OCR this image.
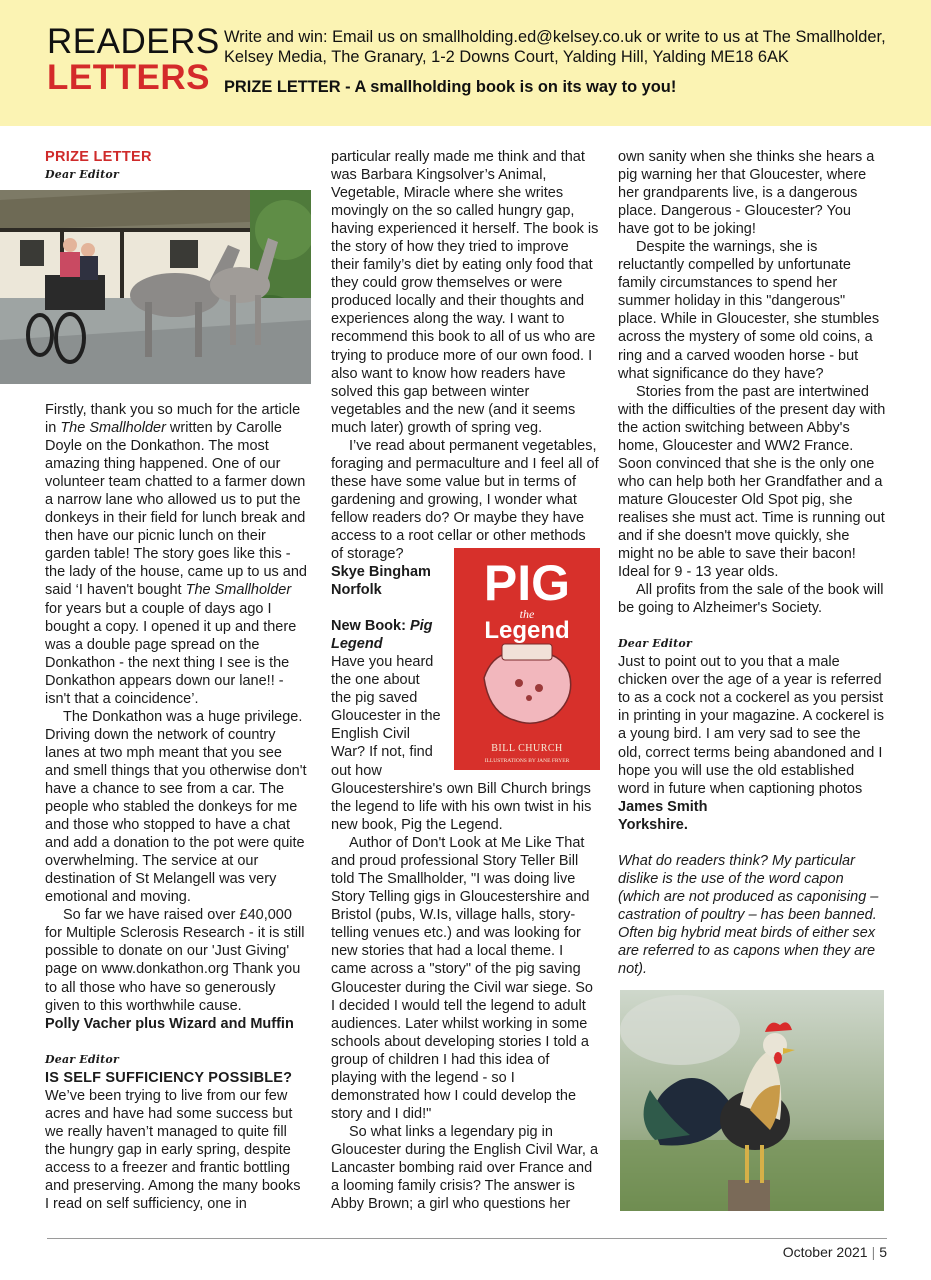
READERS
LETTERS
Write and win: Email us on smallholding.ed@kelsey.co.uk or write to us at The Smallholder, Kelsey Media, The Granary, 1-2 Downs Court, Yalding Hill, Yalding ME18 6AK
PRIZE LETTER - A smallholding book is on its way to you!

PRIZE LETTER

Dear Editor

Firstly, thank you so much for the article in The Smallholder written by Carolle Doyle on the Donkathon. The most amazing thing happened. One of our volunteer team chatted to a farmer down a narrow lane who allowed us to put the donkeys in their field for lunch break and then have our picnic lunch on their garden table! The story goes like this - the lady of the house, came up to us and said ‘I haven't bought The Smallholder for years but a couple of days ago I bought a copy. I opened it up and there was a double page spread on the Donkathon - the next thing I see is the Donkathon appears down our lane!! - isn't that a coincidence’.

The Donkathon was a huge privilege. Driving down the network of country lanes at two mph meant that you see and smell things that you otherwise don't have a chance to see from a car. The people who stabled the donkeys for me and those who stopped to have a chat and add a donation to the pot were quite overwhelming. The service at our destination of St Melangell was very emotional and moving.

So far we have raised over £40,000 for Multiple Sclerosis Research - it is still possible to donate on our 'Just Giving' page on www.donkathon.org Thank you to all those who have so generously given to this worthwhile cause.

Polly Vacher plus Wizard and Muffin

Dear Editor

IS SELF SUFFICIENCY POSSIBLE?

We’ve been trying to live from our few acres and have had some success but we really haven’t managed to quite fill the hungry gap in early spring, despite access to a freezer and frantic bottling and preserving. Among the many books I read on self sufficiency, one in

particular really made me think and that was Barbara Kingsolver’s Animal, Vegetable, Miracle where she writes movingly on the so called hungry gap, having experienced it herself. The book is the story of how they tried to improve their family’s diet by eating only food that they could grow themselves or were produced locally and their thoughts and experiences along the way. I want to recommend this book to all of us who are trying to produce more of our own food. I also want to know how readers have solved this gap between winter vegetables and the new (and it seems much later) growth of spring veg.

I’ve read about permanent vegetables, foraging and permaculture and I feel all of these have some value but in terms of gardening and growing, I wonder what fellow readers do? Or maybe they have access to a root cellar or other methods

of storage?

Skye Bingham

Norfolk

New Book: Pig Legend

Have you heard the one about the pig saved Gloucester in the English Civil War? If not, find out how

PIG
the
Legend
BILL CHURCH
ILLUSTRATIONS BY JANE FRYER

Gloucestershire's own Bill Church brings the legend to life with his own twist in his new book, Pig the Legend.

Author of Don't Look at Me Like That and proud professional Story Teller Bill told The Smallholder, "I was doing live Story Telling gigs in Gloucestershire and Bristol (pubs, W.Is, village halls, story-telling venues etc.) and was looking for new stories that had a local theme. I came across a "story" of the pig saving Gloucester during the Civil war siege. So I decided I would tell the legend to adult audiences. Later whilst working in some schools about developing stories I told a group of children I had this idea of playing with the legend - so I demonstrated how I could develop the story and I did!"

So what links a legendary pig in Gloucester during the English Civil War, a Lancaster bombing raid over France and a looming family crisis? The answer is Abby Brown; a girl who questions her

own sanity when she thinks she hears a pig warning her that Gloucester, where her grandparents live, is a dangerous place. Dangerous - Gloucester? You have got to be joking!

Despite the warnings, she is reluctantly compelled by unfortunate family circumstances to spend her summer holiday in this "dangerous" place. While in Gloucester, she stumbles across the mystery of some old coins, a ring and a carved wooden horse - but what significance do they have?

Stories from the past are intertwined with the difficulties of the present day with the action switching between Abby's home, Gloucester and WW2 France. Soon convinced that she is the only one who can help both her Grandfather and a mature Gloucester Old Spot pig, she realises she must act. Time is running out and if she doesn't move quickly, she might no be able to save their bacon! Ideal for 9 - 13 year olds.

All profits from the sale of the book will be going to Alzheimer's Society.

Dear Editor

Just to point out to you that a male chicken over the age of a year is referred to as a cock not a cockerel as you persist in printing in your magazine. A cockerel is a young bird. I am very sad to see the old, correct terms being abandoned and I hope you will use the old established word in future when captioning photos

James Smith

Yorkshire.

What do readers think? My particular dislike is the use of the word capon (which are not produced as caponising – castration of poultry – has been banned. Often big hybrid meat birds of either sex are referred to as capons when they are not).

October 2021 | 5
